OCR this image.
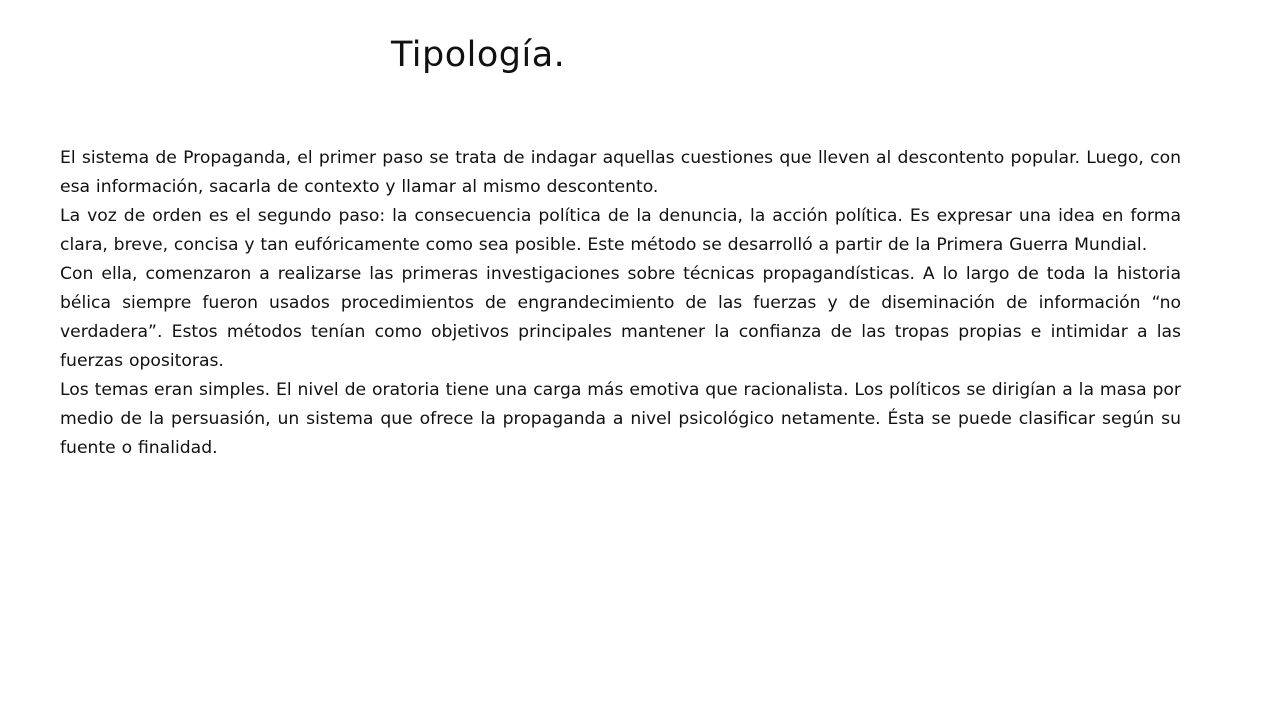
Tipología.

El sistema de Propaganda, el primer paso se trata de indagar aquellas cuestiones que lleven al descontento popular. Luego, con esa información, sacarla de contexto y llamar al mismo descontento.

La voz de orden es el segundo paso: la consecuencia política de la denuncia, la acción política. Es expresar una idea en forma clara, breve, concisa y tan eufóricamente como sea posible. Este método se desarrolló a partir de la Primera Guerra Mundial.

Con ella, comenzaron a realizarse las primeras investigaciones sobre técnicas propagandísticas. A lo largo de toda la historia bélica siempre fueron usados procedimientos de engrandecimiento de las fuerzas y de diseminación de información “no verdadera”. Estos métodos tenían como objetivos principales mantener la confianza de las tropas propias e intimidar a las fuerzas opositoras.

Los temas eran simples. El nivel de oratoria tiene una carga más emotiva que racionalista. Los políticos se dirigían a la masa por medio de la persuasión, un sistema que ofrece la propaganda a nivel psicológico netamente. Ésta se puede clasificar según su fuente o finalidad.
